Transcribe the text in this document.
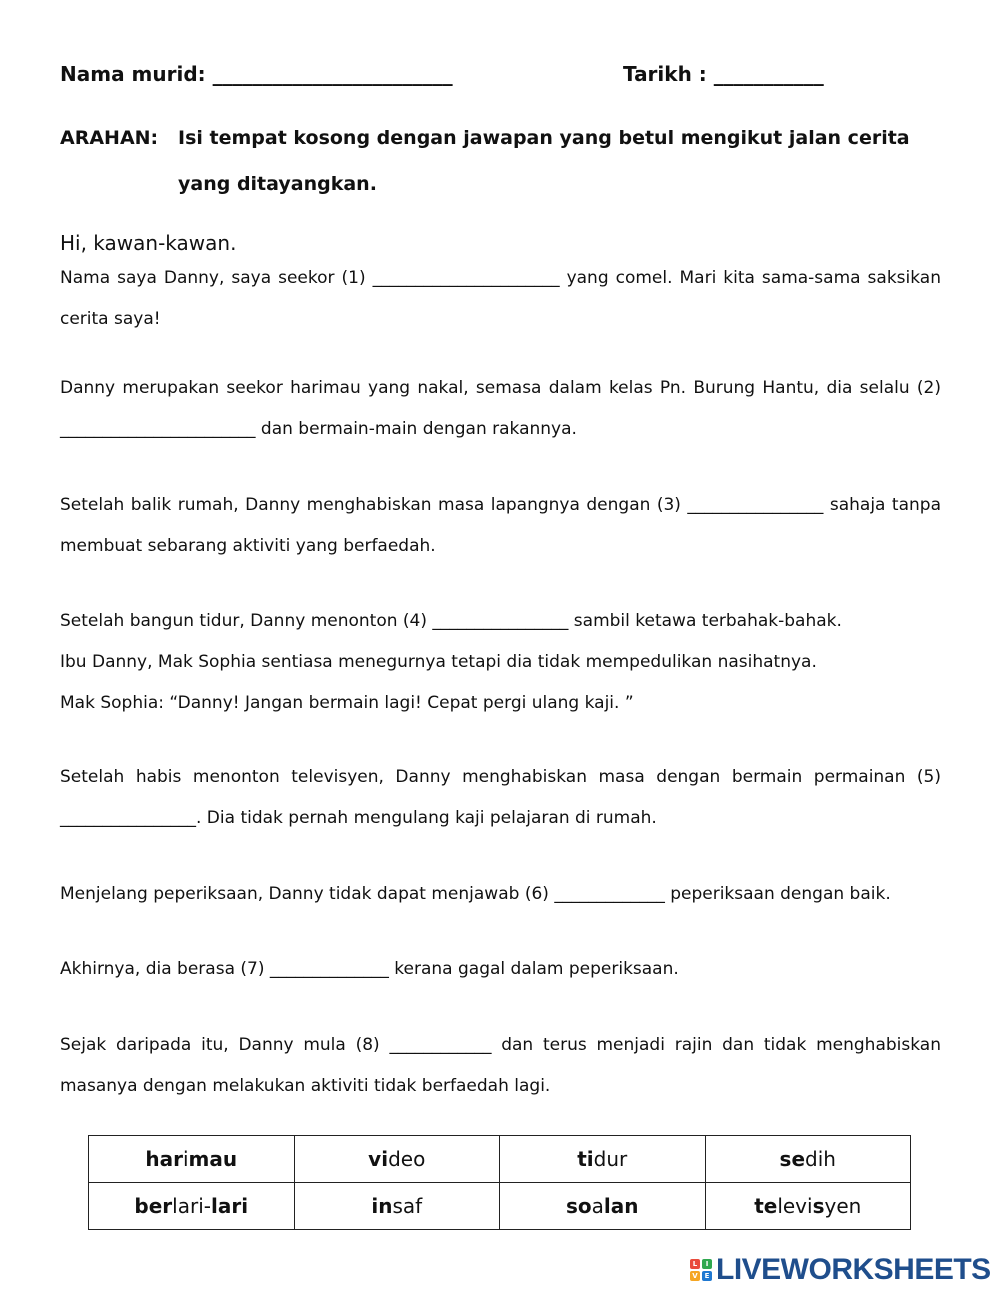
Nama murid: ________________________	Tarikh : ___________
ARAHAN: Isi tempat kosong dengan jawapan yang betul mengikut jalan cerita yang ditayangkan.
Hi, kawan-kawan.
Nama saya Danny, saya seekor (1) ______________________ yang comel. Mari kita sama-sama saksikan cerita saya!
Danny merupakan seekor harimau yang nakal, semasa dalam kelas Pn. Burung Hantu, dia selalu (2) _______________________ dan bermain-main dengan rakannya.
Setelah balik rumah, Danny menghabiskan masa lapangnya dengan (3) ________________ sahaja tanpa membuat sebarang aktiviti yang berfaedah.
Setelah bangun tidur, Danny menonton (4) ________________ sambil ketawa terbahak-bahak.
Ibu Danny, Mak Sophia sentiasa menegurnya tetapi dia tidak mempedulikan nasihatnya.
Mak Sophia: “Danny! Jangan bermain lagi! Cepat pergi ulang kaji. ”
Setelah habis menonton televisyen, Danny menghabiskan masa dengan bermain permainan (5) ________________. Dia tidak pernah mengulang kaji pelajaran di rumah.
Menjelang peperiksaan, Danny tidak dapat menjawab (6) _____________ peperiksaan dengan baik.
Akhirnya, dia berasa (7) ______________ kerana gagal dalam peperiksaan.
Sejak daripada itu, Danny mula (8) ____________ dan terus menjadi rajin dan tidak menghabiskan masanya dengan melakukan aktiviti tidak berfaedah lagi.
harimau	video	tidur	sedih
berlari-lari	insaf	soalan	televisyen
L	I
V E LIVEWORKSHEETS
